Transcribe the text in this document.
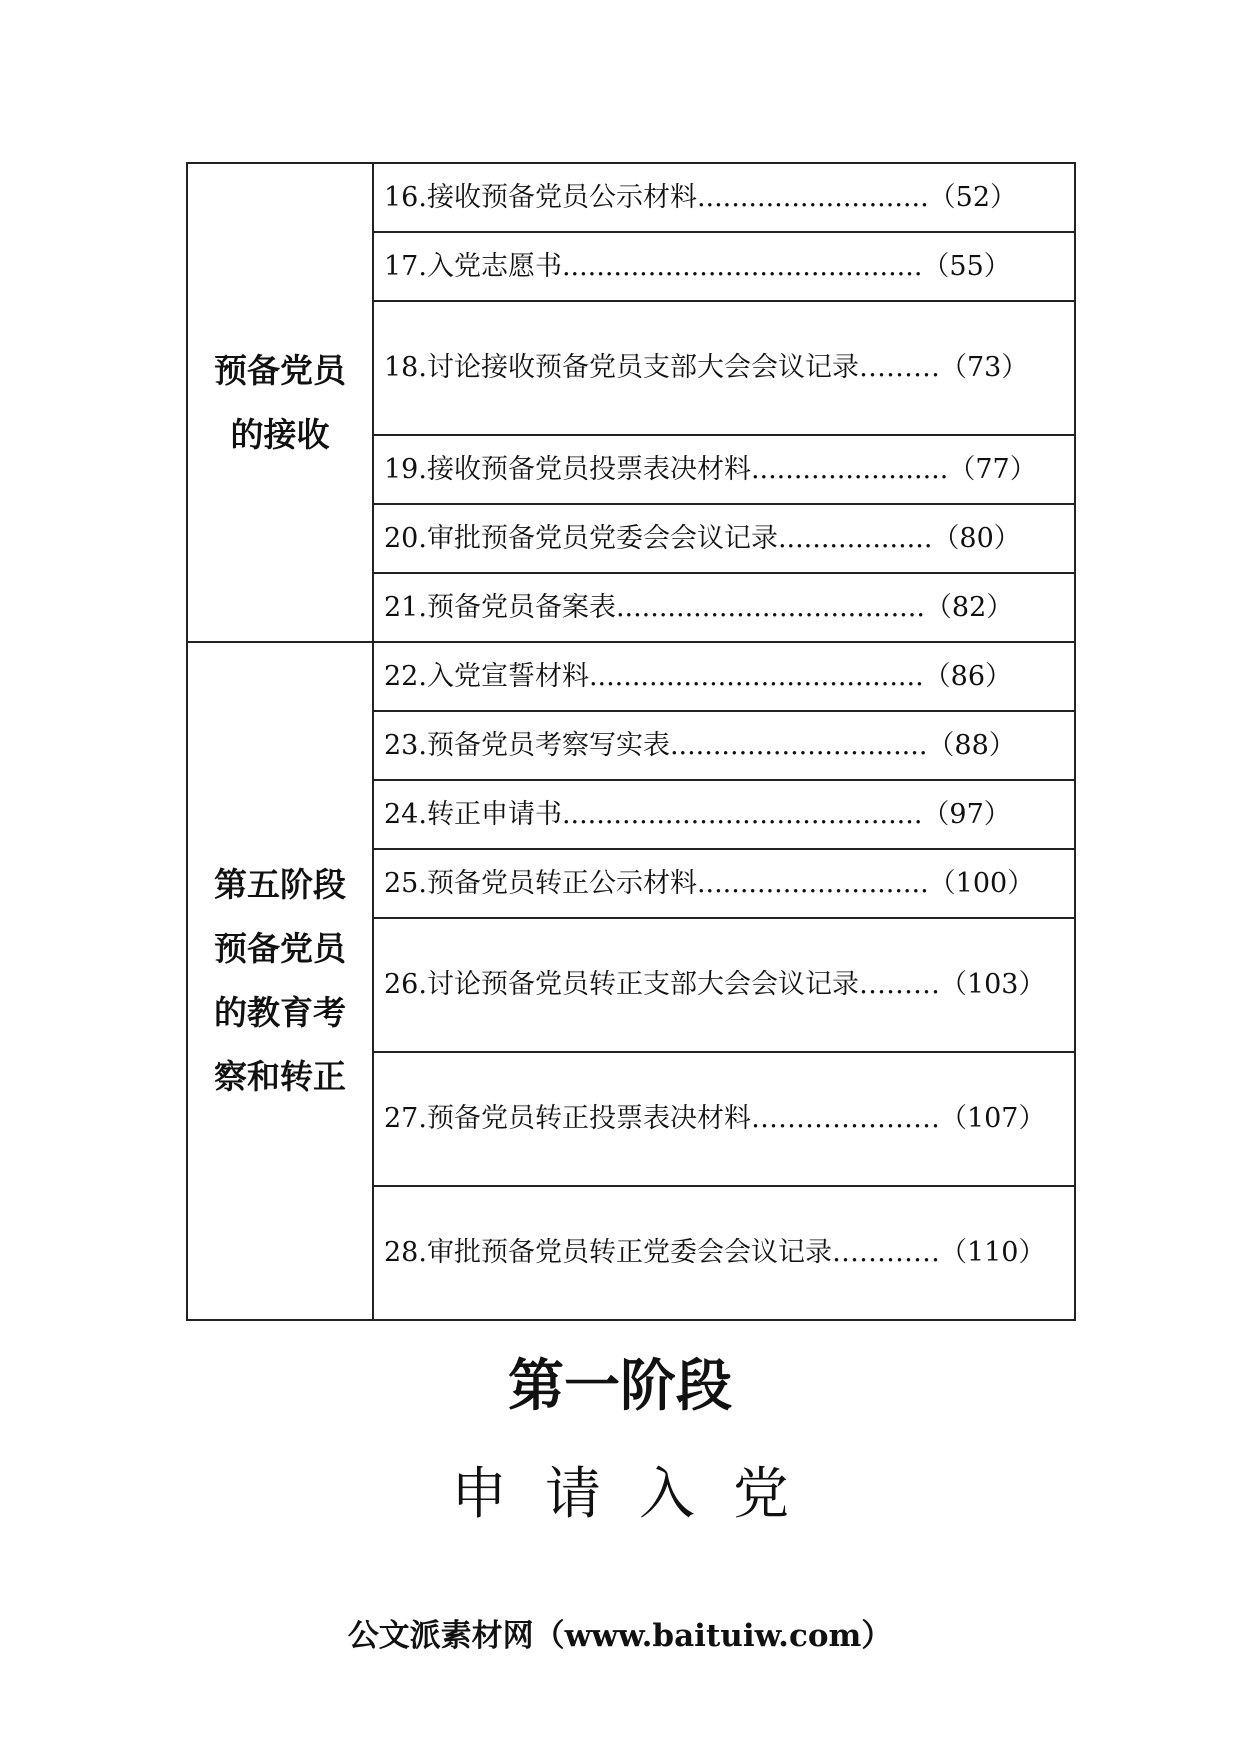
预备党员
的接收	16.接收预备党员公示材料...........................（52）

	17.入党志愿书..........................................（55）

	18.讨论接收预备党员支部大会会议记录………（73）

	19.接收预备党员投票表决材料.......................（77）

	20.审批预备党员党委会会议记录..................（80）

	21.预备党员备案表....................................（82）

第五阶段
预备党员
的教育考
察和转正	22.入党宣誓材料.......................................（86）

	23.预备党员考察写实表..............................（88）

	24.转正申请书..........................................（97）

	25.预备党员转正公示材料...........................（100）

	26.讨论预备党员转正支部大会会议记录………（103）

	27.预备党员转正投票表决材料…………………（107）

	28.审批预备党员转正党委会会议记录…………（110）
第一阶段
申请入党
公文派素材网（www.baituiw.com）
